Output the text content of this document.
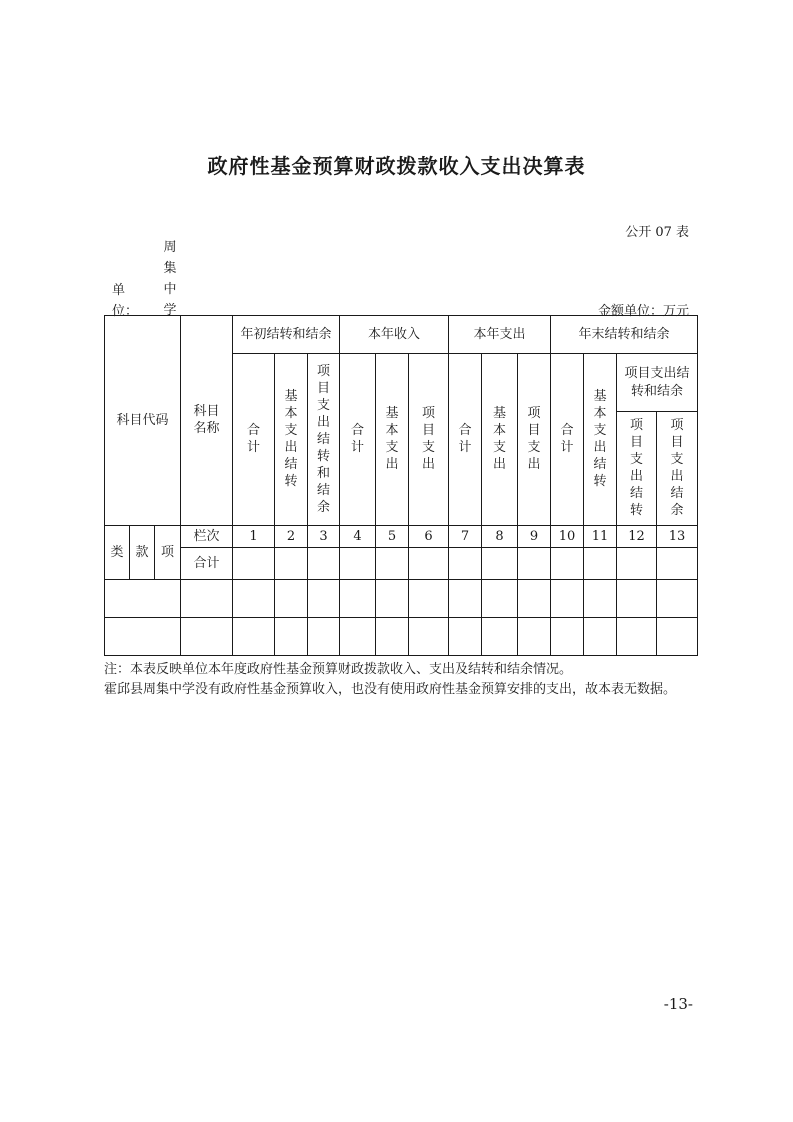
政府性基金预算财政拨款收入支出决算表
公开 07 表
单
位：
周
集
中
学	金额单位：万元
科目代码			科目名称	年初结转和结余			本年收入			本年支出			年末结转和结余			
				合计	基本支出结转	项目支出结转和结余	合计	基本支出	项目支出	合计	基本支出	项目支出	合计	基本支出结转	项目支出结转和结余	

															项目支出结转	项目支出结余
类	款	项	栏次	1	2	3	4	5	6	7	8	9	10	11	12	13
			合计													

注：本表反映单位本年度政府性基金预算财政拨款收入、支出及结转和结余情况。
霍邱县周集中学没有政府性基金预算收入，也没有使用政府性基金预算安排的支出，故本表无数据。
-13-
